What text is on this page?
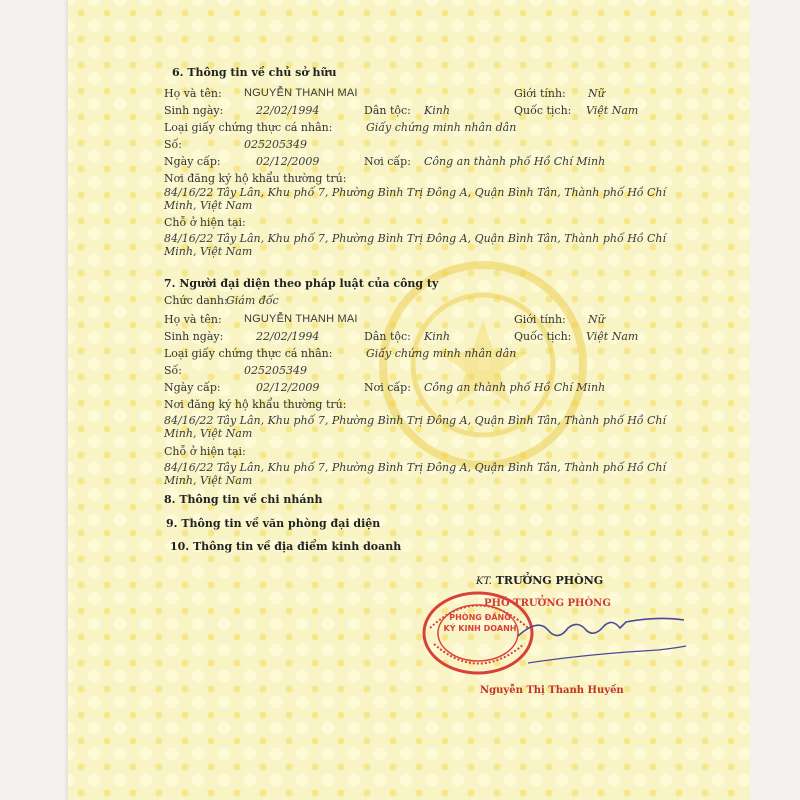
6. Thông tin về chủ sở hữu
Họ và tên: NGUYỄN THANH MAI	Giới tính: Nữ
Sinh ngày:	22/02/1994	Dân tộc: Kinh	Quốc tịch: Việt Nam
Loại giấy chứng thực cá nhân:	Giấy chứng minh nhân dân
Số:	025205349
Ngày cấp:	02/12/2009	Nơi cấp: Công an thành phố Hồ Chí Minh
Nơi đăng ký hộ khẩu thường trú:
84/16/22 Tây Lân, Khu phố 7, Phường Bình Trị Đông A, Quận Bình Tân, Thành phố Hồ Chí Minh, Việt Nam
Chỗ ở hiện tại:
84/16/22 Tây Lân, Khu phố 7, Phường Bình Trị Đông A, Quận Bình Tân, Thành phố Hồ Chí Minh, Việt Nam
7. Người đại diện theo pháp luật của công ty
Chức danh:
Giám đốc
Họ và tên: NGUYỄN THANH MAI	Giới tính: Nữ
Sinh ngày:	22/02/1994	Dân tộc: Kinh	Quốc tịch: Việt Nam
Loại giấy chứng thực cá nhân:	Giấy chứng minh nhân dân
Số:	025205349
Ngày cấp:	02/12/2009	Nơi cấp: Công an thành phố Hồ Chí Minh
Nơi đăng ký hộ khẩu thường trú:
84/16/22 Tây Lân, Khu phố 7, Phường Bình Trị Đông A, Quận Bình Tân, Thành phố Hồ Chí Minh, Việt Nam
Chỗ ở hiện tại:
84/16/22 Tây Lân, Khu phố 7, Phường Bình Trị Đông A, Quận Bình Tân, Thành phố Hồ Chí Minh, Việt Nam
8. Thông tin về chi nhánh
9. Thông tin về văn phòng đại diện
10. Thông tin về địa điểm kinh doanh
KT. TRƯỞNG PHÒNG
PHÓ TRƯỞNG PHÒNG
PHÒNG ĐĂNG KÝ KINH DOANH
Nguyễn Thị Thanh Huyền
